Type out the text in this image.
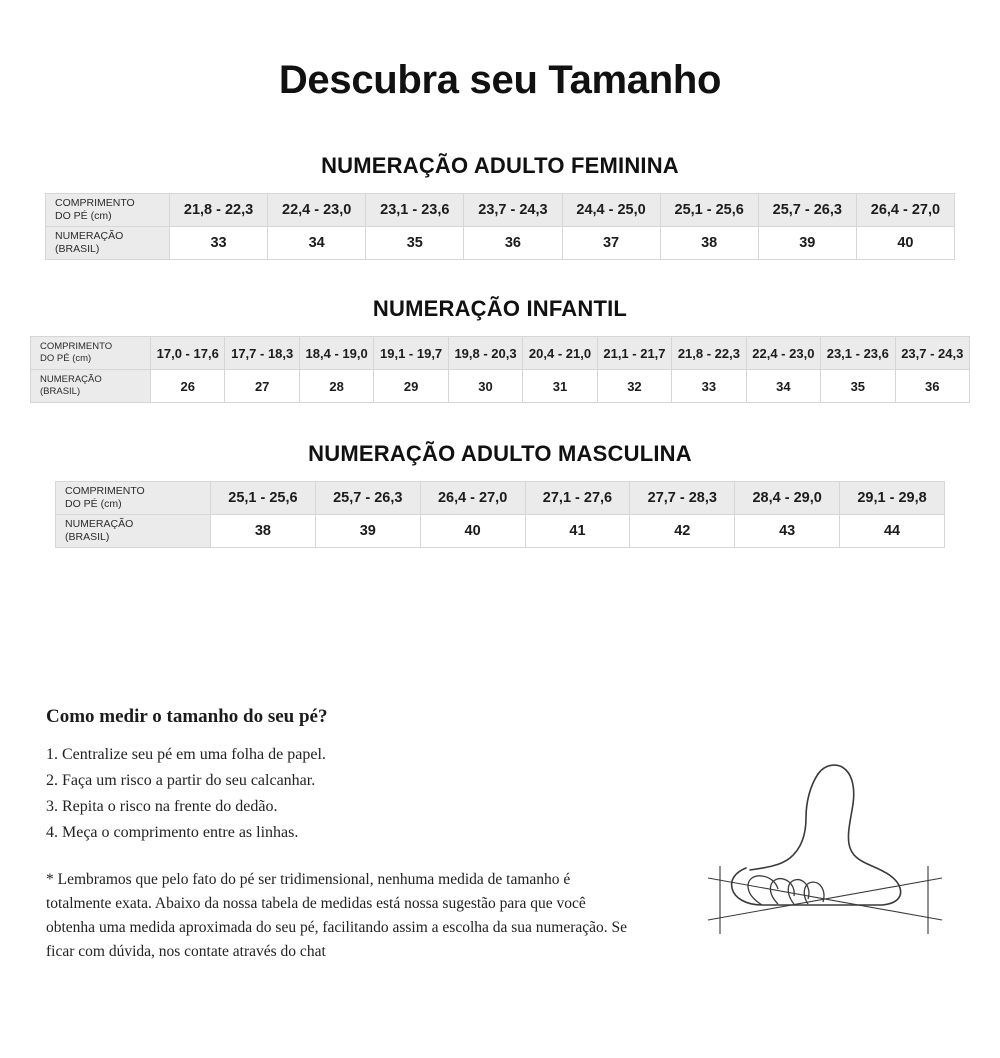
Descubra seu Tamanho
NUMERAÇÃO ADULTO FEMININA
COMPRIMENTO
DO PÉ (cm)	21,8 - 22,3	22,4 - 23,0	23,1 - 23,6	23,7 - 24,3	24,4 - 25,0	25,1 - 25,6	25,7 - 26,3	26,4 - 27,0
NUMERAÇÃO
(BRASIL)	33	34	35	36	37	38	39	40
NUMERAÇÃO INFANTIL
COMPRIMENTO
DO PÉ (cm)	17,0 - 17,6	17,7 - 18,3	18,4 - 19,0	19,1 - 19,7	19,8 - 20,3	20,4 - 21,0	21,1 - 21,7	21,8 - 22,3	22,4 - 23,0	23,1 - 23,6	23,7 - 24,3
NUMERAÇÃO
(BRASIL)	26	27	28	29	30	31	32	33	34	35	36
NUMERAÇÃO ADULTO MASCULINA
COMPRIMENTO
DO PÉ (cm)	25,1 - 25,6	25,7 - 26,3	26,4 - 27,0	27,1 - 27,6	27,7 - 28,3	28,4 - 29,0	29,1 - 29,8
NUMERAÇÃO
(BRASIL)	38	39	40	41	42	43	44
Como medir o tamanho do seu pé?
1. Centralize seu pé em uma folha de papel.
2. Faça um risco a partir do seu calcanhar.
3. Repita o risco na frente do dedão.
4. Meça o comprimento entre as linhas.

* Lembramos que pelo fato do pé ser tridimensional, nenhuma medida de tamanho é totalmente exata. Abaixo da nossa tabela de medidas está nossa sugestão para que você obtenha uma medida aproximada do seu pé, facilitando assim a escolha da sua numeração. Se ficar com dúvida, nos contate através do chat
